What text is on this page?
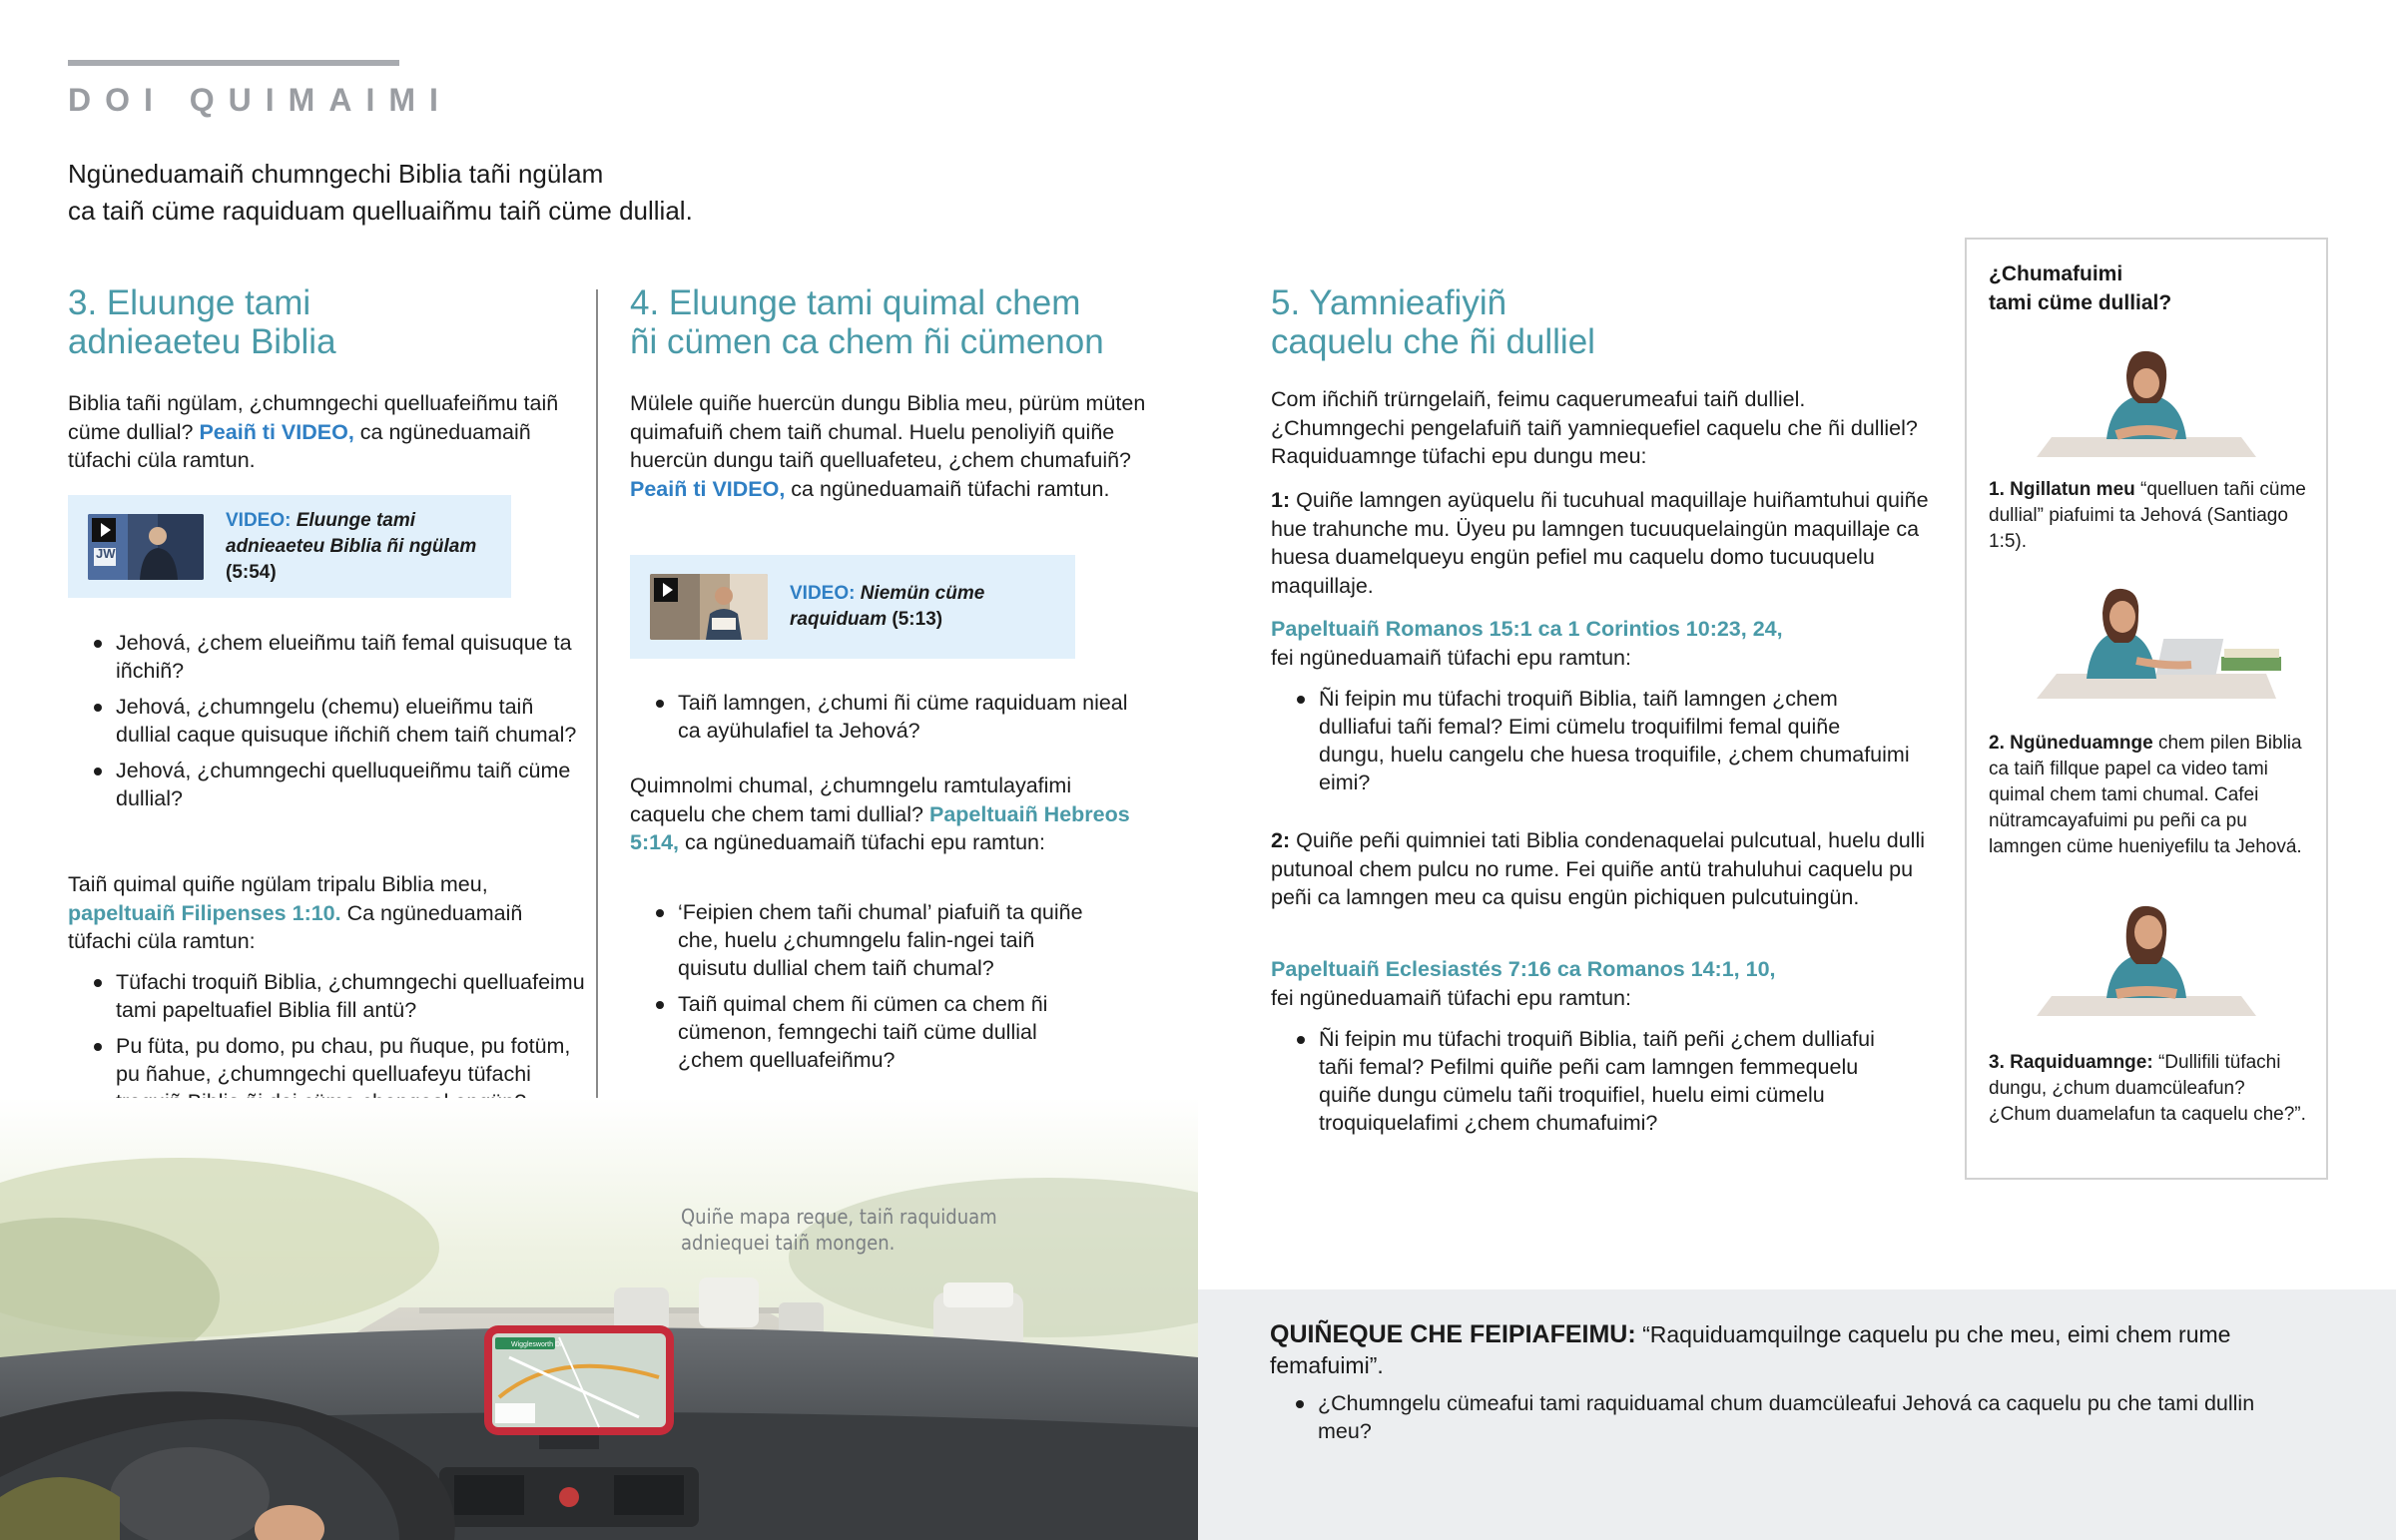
DOI QUIMAIMI
Ngüneduamaiñ chumngechi Biblia tañi ngülam
ca taiñ cüme raquiduam quelluaiñmu taiñ cüme dullial.
3. Eluunge tami
adnieaeteu Biblia
Biblia tañi ngülam, ¿chumngechi quelluafeiñmu taiñ cüme dullial? Peaiñ ti VIDEO, ca ngüneduamaiñ tüfachi cüla ramtun.
JW
VIDEO: Eluunge tami adnieaeteu Biblia ñi ngülam (5:54)
Jehová, ¿chem elueiñmu taiñ femal quisuque ta iñchiñ?
Jehová, ¿chumngelu (chemu) elueiñmu taiñ dullial caque quisuque iñchiñ chem taiñ chumal?
Jehová, ¿chumngechi quelluqueiñmu taiñ cüme dullial?
Taiñ quimal quiñe ngülam tripalu Biblia meu, papeltuaiñ Filipenses 1:10. Ca ngüneduamaiñ tüfachi cüla ramtun:
Tüfachi troquiñ Biblia, ¿chumngechi quelluafeimu tami papeltuafiel Biblia fill antü?
Pu füta, pu domo, pu chau, pu ñuque, pu fotüm, pu ñahue, ¿chumngechi quelluafeyu tüfachi
Wigglesworth Dr
Quiñe mapa reque, taiñ raquiduam
adniequei taiñ mongen.
4. Eluunge tami quimal chem
ñi cümen ca chem ñi cümenon
Mülele quiñe huercün dungu Biblia meu, pürüm müten quimafuiñ chem taiñ chumal. Huelu penoliyiñ quiñe huercün dungu taiñ quelluafeteu, ¿chem chumafuiñ? Peaiñ ti VIDEO, ca ngüneduamaiñ tüfachi ramtun.
VIDEO: Niemün cüme raquiduam (5:13)
Taiñ lamngen, ¿chumi ñi cüme raquiduam nieal ca ayühulafiel ta Jehová?
Quimnolmi chumal, ¿chumngelu ramtulayafimi caquelu che chem tami dullial? Papeltuaiñ Hebreos 5:14, ca ngüneduamaiñ tüfachi epu ramtun:
‘Feipien chem tañi chumal’ piafuiñ ta quiñe che, huelu ¿chumngelu falin-ngei taiñ quisutu dullial chem taiñ chumal?
Taiñ quimal chem ñi cümen ca chem ñi cümenon, femngechi taiñ cüme dullial ¿chem quelluafeiñmu?
5. Yamnieafiyiñ
caquelu che ñi dulliel
Com iñchiñ trürngelaiñ, feimu caquerumeafui taiñ dulliel. ¿Chumngechi pengelafuiñ taiñ yamniequefiel caquelu che ñi dulliel? Raquiduamnge tüfachi epu dungu meu:
1: Quiñe lamngen ayüquelu ñi tucuhual maquillaje huiñamtuhui quiñe hue trahunche mu. Üyeu pu lamngen tucuuquelaingün maquillaje ca huesa duamelqueyu engün pefiel mu caquelu domo tucuuquelu maquillaje.
Papeltuaiñ Romanos 15:1 ca 1 Corintios 10:23, 24,
fei ngüneduamaiñ tüfachi epu ramtun:
Ñi feipin mu tüfachi troquiñ Biblia, taiñ lamngen ¿chem dulliafui tañi femal? Eimi cümelu troquifilmi femal quiñe dungu, huelu cangelu che huesa troquifile, ¿chem chumafuimi eimi?
2: Quiñe peñi quimniei tati Biblia condenaquelai pulcutual, huelu dulli putunoal chem pulcu no rume. Fei quiñe antü trahuluhui caquelu pu peñi ca lamngen meu ca quisu engün pichiquen pulcutuingün.
Papeltuaiñ Eclesiastés 7:16 ca Romanos 14:1, 10,
fei ngüneduamaiñ tüfachi epu ramtun:
Ñi feipin mu tüfachi troquiñ Biblia, taiñ peñi ¿chem dulliafui tañi femal? Pefilmi quiñe peñi cam lamngen femmequelu quiñe dungu cümelu tañi troquifiel, huelu eimi cümelu troquiquelafimi ¿chem chumafuimi?
¿Chumafuimi
tami cüme dullial?
1. Ngillatun meu “quelluen tañi cüme dullial” piafuimi ta Jehová (Santiago 1:5).
2. Ngüneduamnge chem pilen Biblia ca taiñ fillque papel ca video tami quimal chem tami chumal. Cafei nütramcayafuimi pu peñi ca pu lamngen cüme hueniyefilu ta Jehová.
3. Raquiduamnge: “Dullifili tüfachi dungu, ¿chum duamcüleafun? ¿Chum duamelafun ta caquelu che?”.
QUIÑEQUE CHE FEIPIAFEIMU: “Raquiduamquilnge caquelu pu che meu, eimi chem rume femafuimi”.
¿Chumngelu cümeafui tami raquiduamal chum duamcüleafui Jehová ca caquelu pu che tami dullin meu?
